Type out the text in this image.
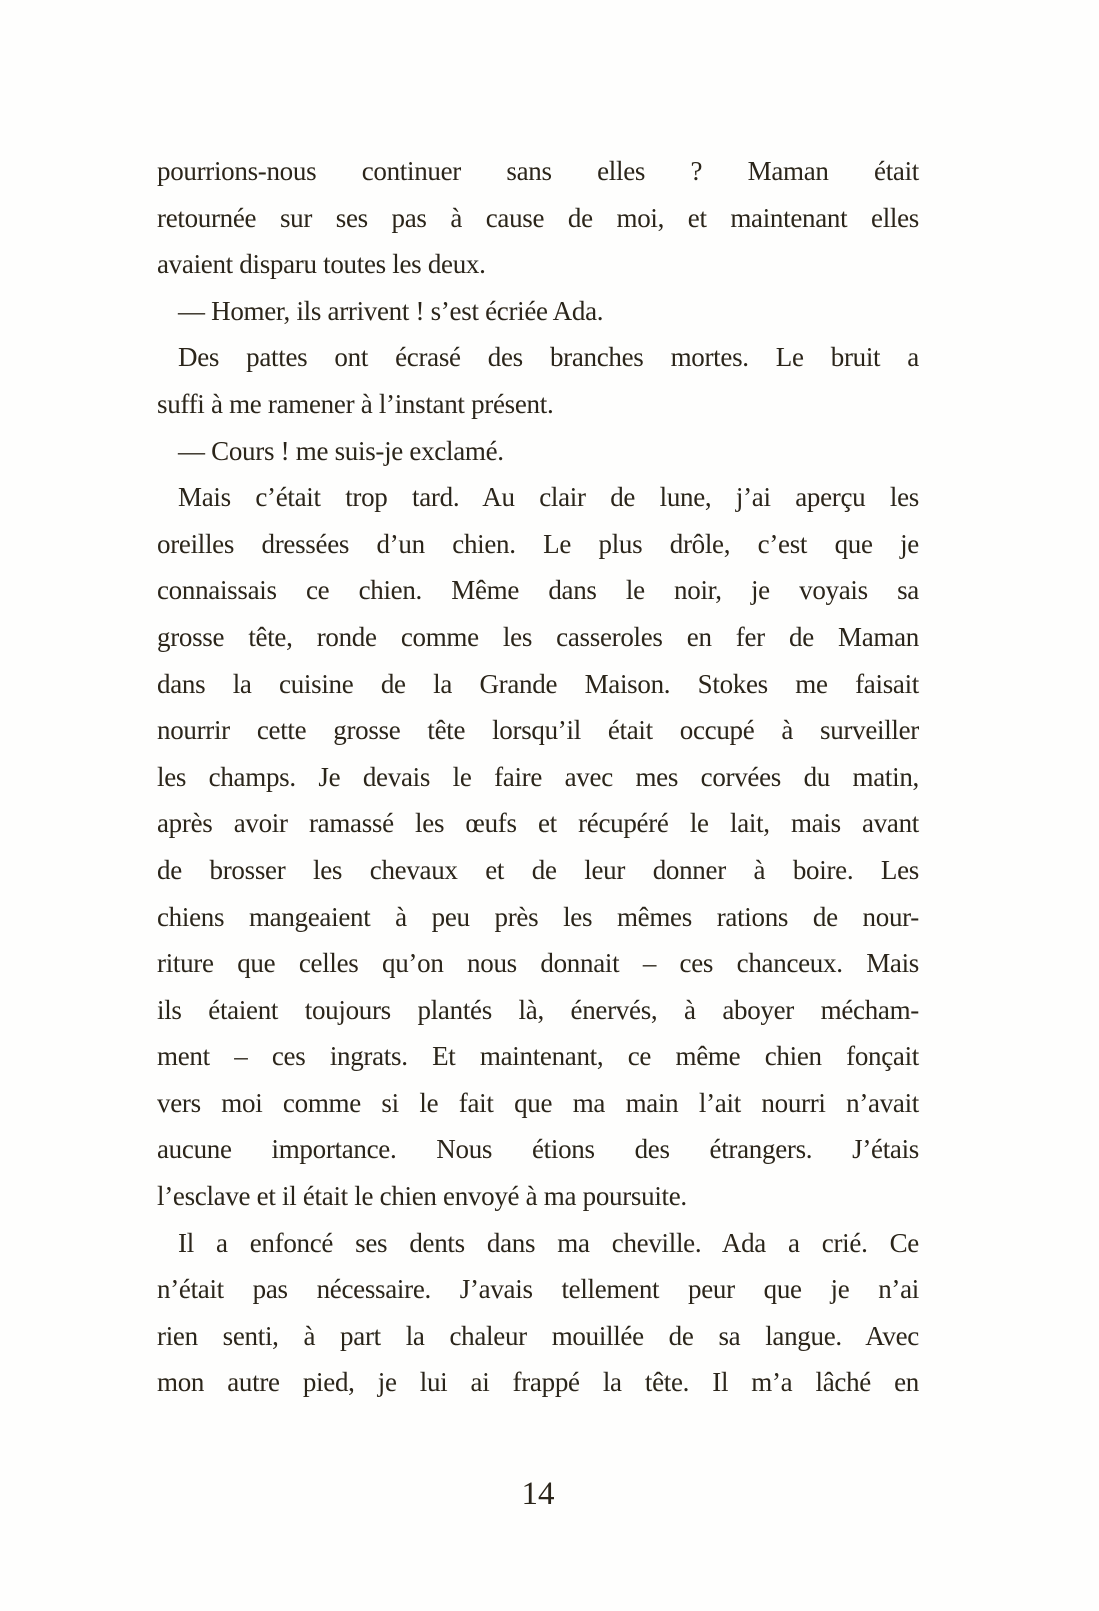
pourrions-nous continuer sans elles ? Maman était
retournée sur ses pas à cause de moi, et maintenant elles
avaient disparu toutes les deux.
— Homer, ils arrivent ! s’est écriée Ada.
Des pattes ont écrasé des branches mortes. Le bruit a
suffi à me ramener à l’instant présent.
— Cours ! me suis-je exclamé.
Mais c’était trop tard. Au clair de lune, j’ai aperçu les
oreilles dressées d’un chien. Le plus drôle, c’est que je
connaissais ce chien. Même dans le noir, je voyais sa
grosse tête, ronde comme les casseroles en fer de Maman
dans la cuisine de la Grande Maison. Stokes me faisait
nourrir cette grosse tête lorsqu’il était occupé à surveiller
les champs. Je devais le faire avec mes corvées du matin,
après avoir ramassé les œufs et récupéré le lait, mais avant
de brosser les chevaux et de leur donner à boire. Les
chiens mangeaient à peu près les mêmes rations de nour-
riture que celles qu’on nous donnait – ces chanceux. Mais
ils étaient toujours plantés là, énervés, à aboyer mécham-
ment – ces ingrats. Et maintenant, ce même chien fonçait
vers moi comme si le fait que ma main l’ait nourri n’avait
aucune importance. Nous étions des étrangers. J’étais
l’esclave et il était le chien envoyé à ma poursuite.
Il a enfoncé ses dents dans ma cheville. Ada a crié. Ce
n’était pas nécessaire. J’avais tellement peur que je n’ai
rien senti, à part la chaleur mouillée de sa langue. Avec
mon autre pied, je lui ai frappé la tête. Il m’a lâché en
14
